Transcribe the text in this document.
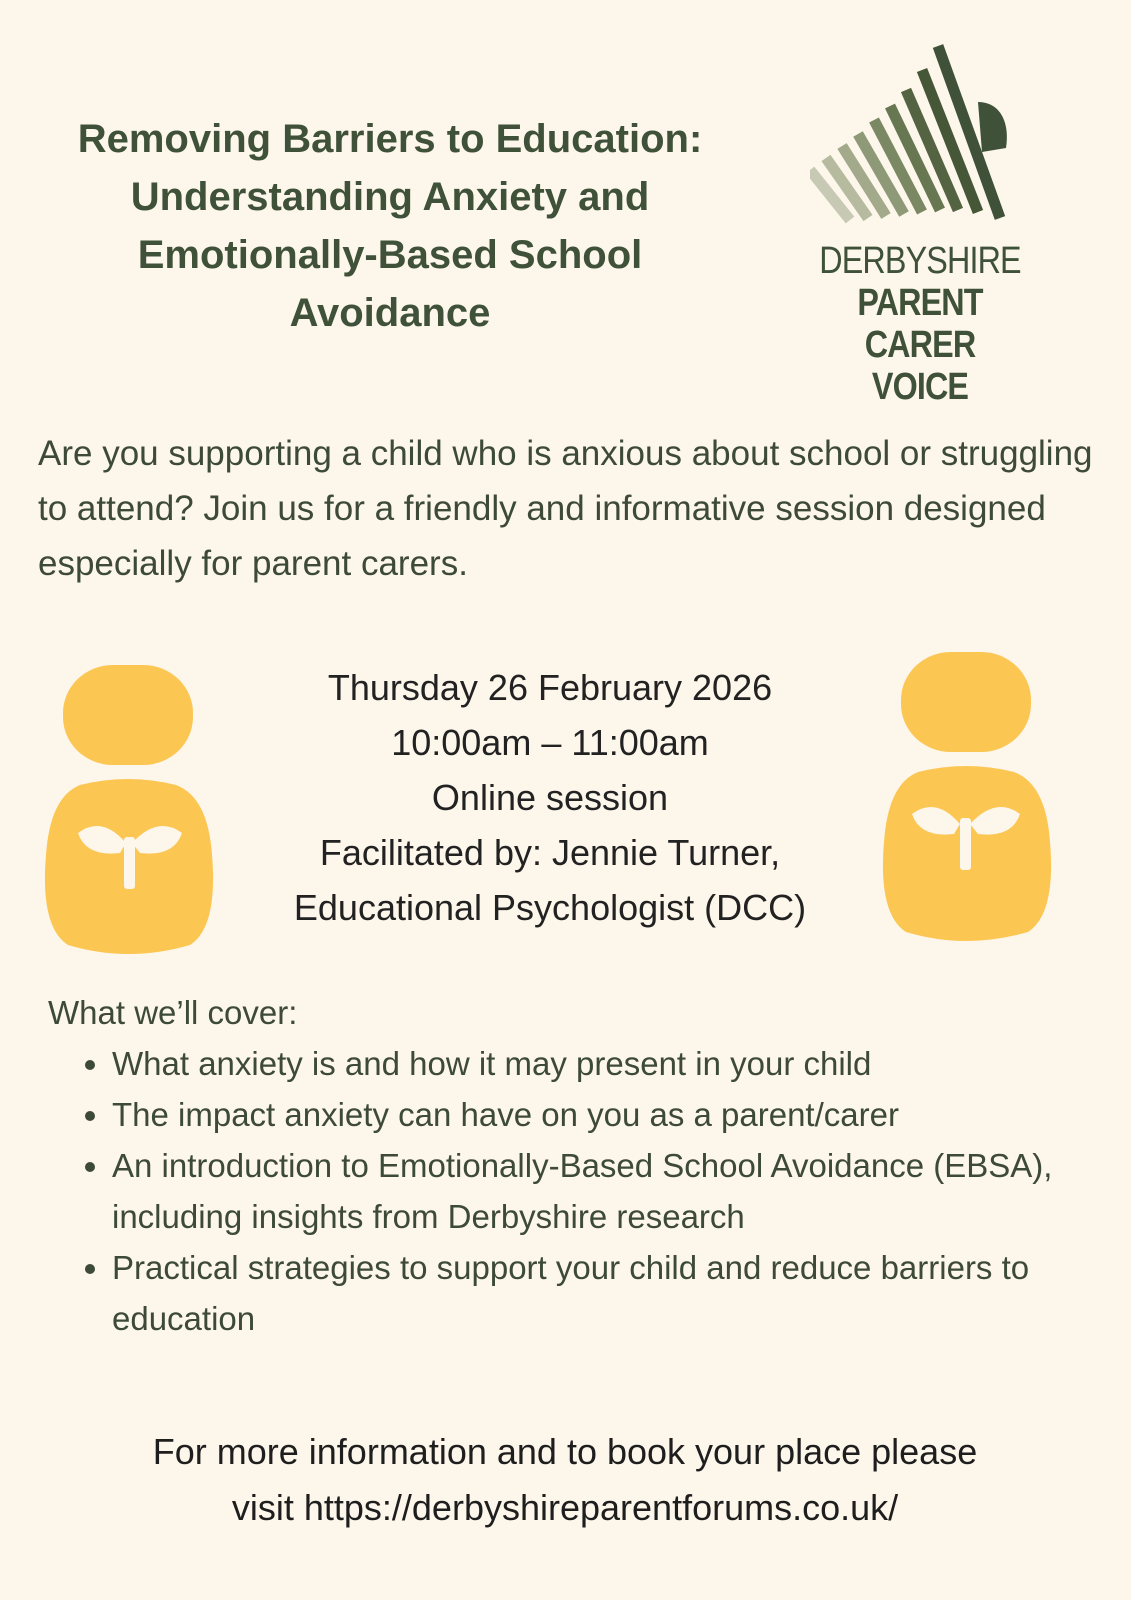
Removing Barriers to Education:
Understanding Anxiety and
Emotionally-Based School
Avoidance
DERBYSHIRE
PARENT CARER
VOICE
Are you supporting a child who is anxious about school or struggling to attend? Join us for a friendly and informative session designed especially for parent carers.
Thursday 26 February 2026
10:00am – 11:00am
Online session
Facilitated by: Jennie Turner,
Educational Psychologist (DCC)
What we’ll cover:
• What anxiety is and how it may present in your child
• The impact anxiety can have on you as a parent/carer
• An introduction to Emotionally-Based School Avoidance (EBSA), including insights from Derbyshire research
• Practical strategies to support your child and reduce barriers to education
For more information and to book your place please
visit https://derbyshireparentforums.co.uk/
